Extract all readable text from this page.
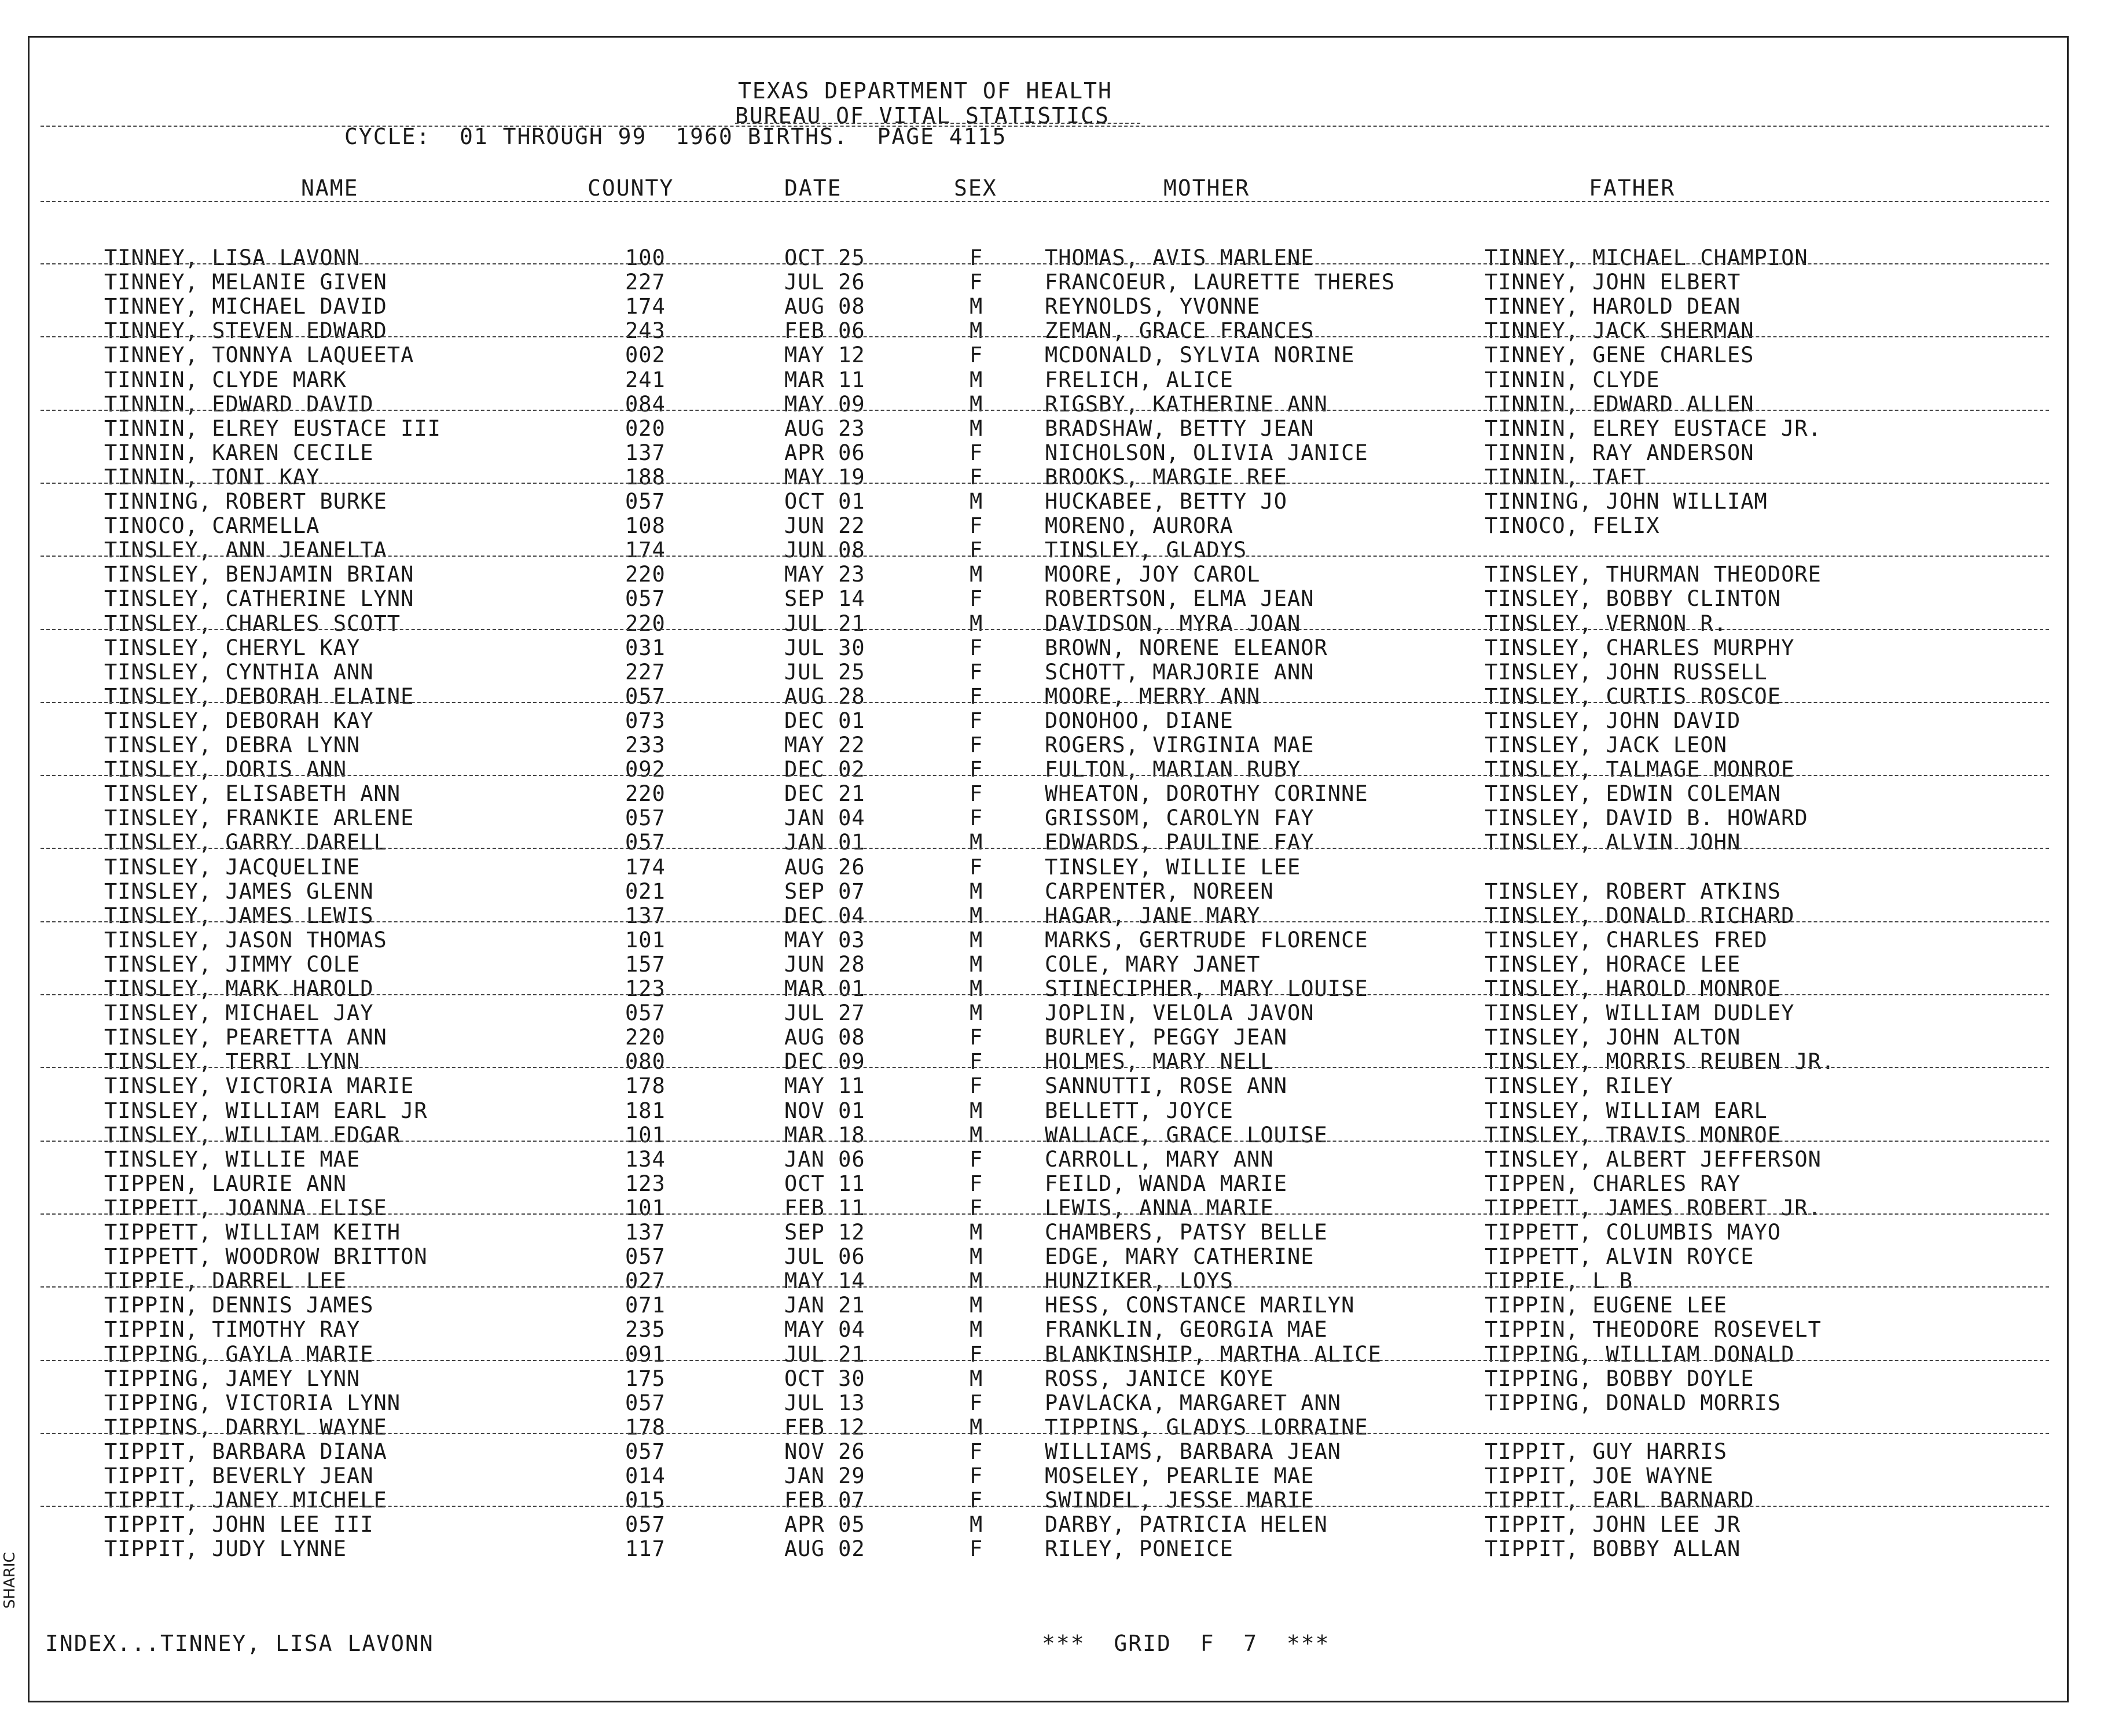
TEXAS DEPARTMENT OF HEALTH
BUREAU OF VITAL STATISTICS
CYCLE:  01 THROUGH 99  1960 BIRTHS.  PAGE 4115
NAME	COUNTY	DATE	SEX	MOTHER	FATHER
TINNEY, LISA LAVONN	100	OCT 25	F	THOMAS, AVIS MARLENE	TINNEY, MICHAEL CHAMPION
TINNEY, MELANIE GIVEN	227	JUL 26	F	FRANCOEUR, LAURETTE THERES	TINNEY, JOHN ELBERT
TINNEY, MICHAEL DAVID	174	AUG 08	M	REYNOLDS, YVONNE	TINNEY, HAROLD DEAN
TINNEY, STEVEN EDWARD	243	FEB 06	M	ZEMAN, GRACE FRANCES	TINNEY, JACK SHERMAN
TINNEY, TONNYA LAQUEETA	002	MAY 12	F	MCDONALD, SYLVIA NORINE	TINNEY, GENE CHARLES
TINNIN, CLYDE MARK	241	MAR 11	M	FRELICH, ALICE	TINNIN, CLYDE
TINNIN, EDWARD DAVID	084	MAY 09	M	RIGSBY, KATHERINE ANN	TINNIN, EDWARD ALLEN
TINNIN, ELREY EUSTACE III	020	AUG 23	M	BRADSHAW, BETTY JEAN	TINNIN, ELREY EUSTACE JR.
TINNIN, KAREN CECILE	137	APR 06	F	NICHOLSON, OLIVIA JANICE	TINNIN, RAY ANDERSON
TINNIN, TONI KAY	188	MAY 19	F	BROOKS, MARGIE REE	TINNIN, TAFT
TINNING, ROBERT BURKE	057	OCT 01	M	HUCKABEE, BETTY JO	TINNING, JOHN WILLIAM
TINOCO, CARMELLA	108	JUN 22	F	MORENO, AURORA	TINOCO, FELIX
TINSLEY, ANN JEANELTA	174	JUN 08	F	TINSLEY, GLADYS
TINSLEY, BENJAMIN BRIAN	220	MAY 23	M	MOORE, JOY CAROL	TINSLEY, THURMAN THEODORE
TINSLEY, CATHERINE LYNN	057	SEP 14	F	ROBERTSON, ELMA JEAN	TINSLEY, BOBBY CLINTON
TINSLEY, CHARLES SCOTT	220	JUL 21	M	DAVIDSON, MYRA JOAN	TINSLEY, VERNON R.
TINSLEY, CHERYL KAY	031	JUL 30	F	BROWN, NORENE ELEANOR	TINSLEY, CHARLES MURPHY
TINSLEY, CYNTHIA ANN	227	JUL 25	F	SCHOTT, MARJORIE ANN	TINSLEY, JOHN RUSSELL
TINSLEY, DEBORAH ELAINE	057	AUG 28	F	MOORE, MERRY ANN	TINSLEY, CURTIS ROSCOE
TINSLEY, DEBORAH KAY	073	DEC 01	F	DONOHOO, DIANE	TINSLEY, JOHN DAVID
TINSLEY, DEBRA LYNN	233	MAY 22	F	ROGERS, VIRGINIA MAE	TINSLEY, JACK LEON
TINSLEY, DORIS ANN	092	DEC 02	F	FULTON, MARIAN RUBY	TINSLEY, TALMAGE MONROE
TINSLEY, ELISABETH ANN	220	DEC 21	F	WHEATON, DOROTHY CORINNE	TINSLEY, EDWIN COLEMAN
TINSLEY, FRANKIE ARLENE	057	JAN 04	F	GRISSOM, CAROLYN FAY	TINSLEY, DAVID B. HOWARD
TINSLEY, GARRY DARELL	057	JAN 01	M	EDWARDS, PAULINE FAY	TINSLEY, ALVIN JOHN
TINSLEY, JACQUELINE	174	AUG 26	F	TINSLEY, WILLIE LEE
TINSLEY, JAMES GLENN	021	SEP 07	M	CARPENTER, NOREEN	TINSLEY, ROBERT ATKINS
TINSLEY, JAMES LEWIS	137	DEC 04	M	HAGAR, JANE MARY	TINSLEY, DONALD RICHARD
TINSLEY, JASON THOMAS	101	MAY 03	M	MARKS, GERTRUDE FLORENCE	TINSLEY, CHARLES FRED
TINSLEY, JIMMY COLE	157	JUN 28	M	COLE, MARY JANET	TINSLEY, HORACE LEE
TINSLEY, MARK HAROLD	123	MAR 01	M	STINECIPHER, MARY LOUISE	TINSLEY, HAROLD MONROE
TINSLEY, MICHAEL JAY	057	JUL 27	M	JOPLIN, VELOLA JAVON	TINSLEY, WILLIAM DUDLEY
TINSLEY, PEARETTA ANN	220	AUG 08	F	BURLEY, PEGGY JEAN	TINSLEY, JOHN ALTON
TINSLEY, TERRI LYNN	080	DEC 09	F	HOLMES, MARY NELL	TINSLEY, MORRIS REUBEN JR.
TINSLEY, VICTORIA MARIE	178	MAY 11	F	SANNUTTI, ROSE ANN	TINSLEY, RILEY
TINSLEY, WILLIAM EARL JR	181	NOV 01	M	BELLETT, JOYCE	TINSLEY, WILLIAM EARL
TINSLEY, WILLIAM EDGAR	101	MAR 18	M	WALLACE, GRACE LOUISE	TINSLEY, TRAVIS MONROE
TINSLEY, WILLIE MAE	134	JAN 06	F	CARROLL, MARY ANN	TINSLEY, ALBERT JEFFERSON
TIPPEN, LAURIE ANN	123	OCT 11	F	FEILD, WANDA MARIE	TIPPEN, CHARLES RAY
TIPPETT, JOANNA ELISE	101	FEB 11	F	LEWIS, ANNA MARIE	TIPPETT, JAMES ROBERT JR.
TIPPETT, WILLIAM KEITH	137	SEP 12	M	CHAMBERS, PATSY BELLE	TIPPETT, COLUMBIS MAYO
TIPPETT, WOODROW BRITTON	057	JUL 06	M	EDGE, MARY CATHERINE	TIPPETT, ALVIN ROYCE
TIPPIE, DARREL LEE	027	MAY 14	M	HUNZIKER, LOYS	TIPPIE, L B
TIPPIN, DENNIS JAMES	071	JAN 21	M	HESS, CONSTANCE MARILYN	TIPPIN, EUGENE LEE
TIPPIN, TIMOTHY RAY	235	MAY 04	M	FRANKLIN, GEORGIA MAE	TIPPIN, THEODORE ROSEVELT
TIPPING, GAYLA MARIE	091	JUL 21	F	BLANKINSHIP, MARTHA ALICE	TIPPING, WILLIAM DONALD
TIPPING, JAMEY LYNN	175	OCT 30	M	ROSS, JANICE KOYE	TIPPING, BOBBY DOYLE
TIPPING, VICTORIA LYNN	057	JUL 13	F	PAVLACKA, MARGARET ANN	TIPPING, DONALD MORRIS
TIPPINS, DARRYL WAYNE	178	FEB 12	M	TIPPINS, GLADYS LORRAINE
TIPPIT, BARBARA DIANA	057	NOV 26	F	WILLIAMS, BARBARA JEAN	TIPPIT, GUY HARRIS
TIPPIT, BEVERLY JEAN	014	JAN 29	F	MOSELEY, PEARLIE MAE	TIPPIT, JOE WAYNE
TIPPIT, JANEY MICHELE	015	FEB 07	F	SWINDEL, JESSE MARIE	TIPPIT, EARL BARNARD
TIPPIT, JOHN LEE III	057	APR 05	M	DARBY, PATRICIA HELEN	TIPPIT, JOHN LEE JR
TIPPIT, JUDY LYNNE	117	AUG 02	F	RILEY, PONEICE	TIPPIT, BOBBY ALLAN
INDEX...TINNEY, LISA LAVONN	***  GRID  F  7  ***
SHARIC
